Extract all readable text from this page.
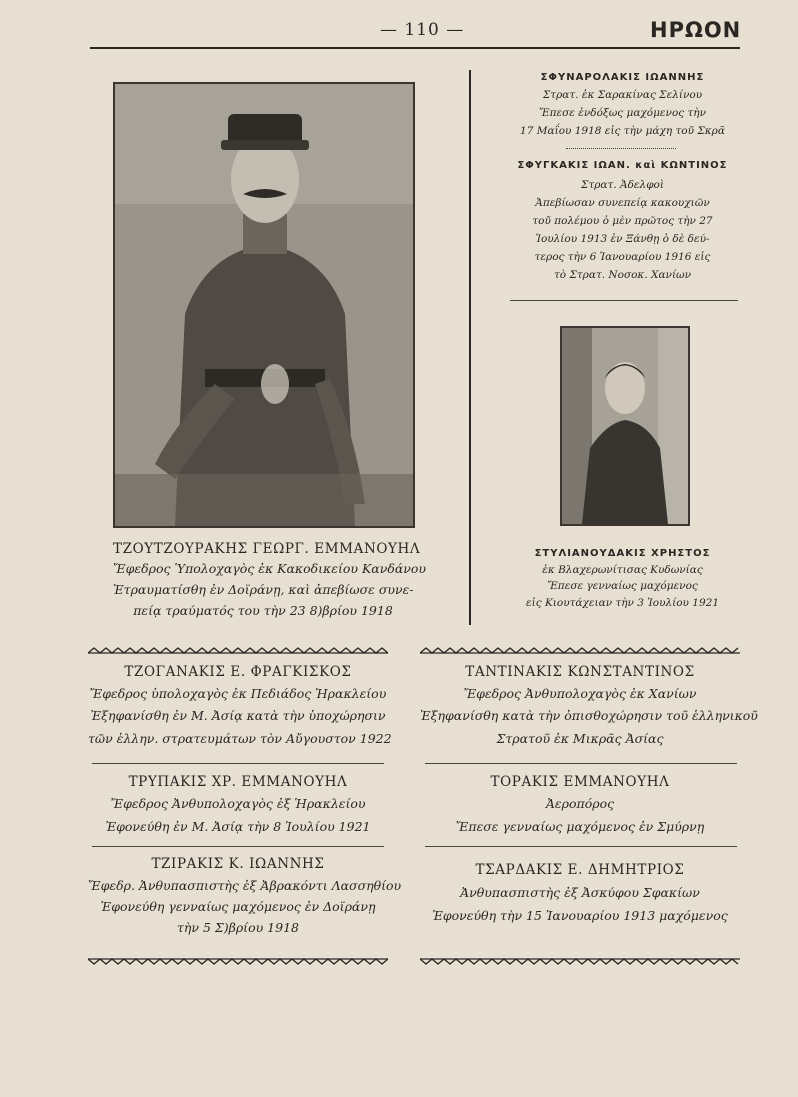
— 110 —	ΗΡΩΟΝ
ΤΖΟΥΤΖΟΥΡΑΚΗΣ ΓΕΩΡΓ. ΕΜΜΑΝΟΥΗΛ
Ἔφεδρος Ὑπολοχαγὸς ἐκ Κακοδικείου Κανδάνου
Ἐτραυματίσθη ἐν Δοϊράνῃ, καὶ ἀπεβίωσε συνε-
πείᾳ τραύματός του τὴν 23 8)βρίου 1918
ΣΦΥΝΑΡΟΛΑΚΙΣ ΙΩΑΝΝΗΣ
Στρατ. ἐκ Σαρακίνας Σελίνου
Ἔπεσε ἐνδόξως μαχόμενος τὴν
17 Μαΐου 1918 εἰς τὴν μάχη τοῦ Σκρᾶ
ΣΦΥΓΚΑΚΙΣ ΙΩΑΝ. καὶ ΚΩΝΤΙΝΟΣ
Στρατ. Ἀδελφοὶ
Ἀπεβίωσαν συνεπείᾳ κακουχιῶν
τοῦ πολέμου ὁ μὲν πρῶτος τὴν 27
Ἰουλίου 1913 ἐν Ξάνθῃ ὁ δὲ δεύ-
τερος τὴν 6 Ἰανουαρίου 1916 εἰς
τὸ Στρατ. Νοσοκ. Χανίων
ΣΤΥΛΙΑΝΟΥΔΑΚΙΣ ΧΡΗΣΤΟΣ
ἐκ Βλαχερωνίτισας Κυδωνίας
Ἔπεσε γενναίως μαχόμενος
εἰς Κιουτάχειαν τὴν 3 Ἰουλίου 1921
ΤΖΟΓΑΝΑΚΙΣ Ε. ΦΡΑΓΚΙΣΚΟΣ
Ἔφεδρος ὑπολοχαγὸς ἐκ Πεδιάδος Ἡρακλείου
Ἐξηφανίσθη ἐν Μ. Ἀσίᾳ κατὰ τὴν ὑποχώρησιν
τῶν ἑλλην. στρατευμάτων τὸν Αὔγουστον 1922
ΤΡΥΠΑΚΙΣ ΧΡ. ΕΜΜΑΝΟΥΗΛ
Ἔφεδρος Ἀνθυπολοχαγὸς ἐξ Ἡρακλείου
Ἐφονεύθη ἐν Μ. Ἀσίᾳ τὴν 8 Ἰουλίου 1921
ΤΖΙΡΑΚΙΣ Κ. ΙΩΑΝΝΗΣ
Ἔφεδρ. Ἀνθυπασπιστὴς ἐξ Ἀβρακόντι Λασσηθίου
Ἐφονεύθη γενναίως μαχόμενος ἐν Δοϊράνῃ
τὴν 5 Σ)βρίου 1918
ΤΑΝΤΙΝΑΚΙΣ ΚΩΝΣΤΑΝΤΙΝΟΣ
Ἔφεδρος Ἀνθυπολοχαγὸς ἐκ Χανίων
Ἐξηφανίσθη κατὰ τὴν ὀπισθοχώρησιν τοῦ ἑλληνικοῦ
Στρατοῦ ἐκ Μικρᾶς Ἀσίας
ΤΟΡΑΚΙΣ ΕΜΜΑΝΟΥΗΛ
Ἀεροπόρος
Ἔπεσε γενναίως μαχόμενος ἐν Σμύρνῃ
ΤΣΑΡΔΑΚΙΣ Ε. ΔΗΜΗΤΡΙΟΣ
Ἀνθυπασπιστὴς ἐξ Ἀσκύφου Σφακίων
Ἐφονεύθη τὴν 15 Ἰανουαρίου 1913 μαχόμενος
